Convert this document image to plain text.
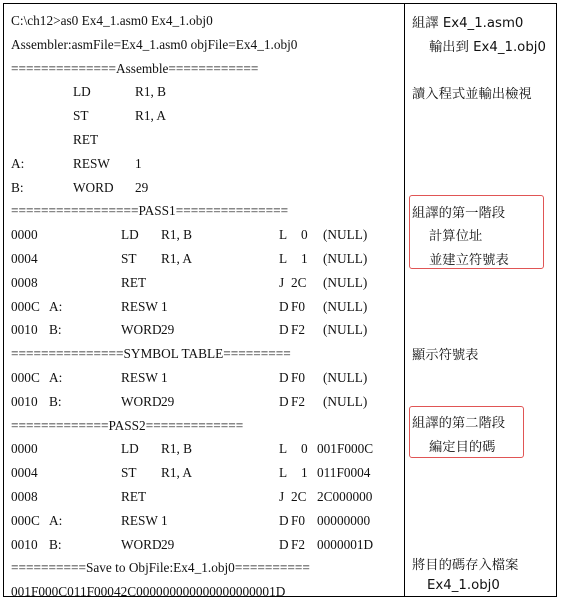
C:\ch12>as0 Ex4_1.asm0 Ex4_1.obj0
Assembler:asmFile=Ex4_1.asm0 objFile=Ex4_1.obj0
==============Assemble============
LD	R1, B
ST	R1, A
RET
A:	RESW 1
B:	WORD 29
=================PASS1===============
0000	LD R1, B	L 0 (NULL)
0004	ST R1, A	L 1 (NULL)
0008	RET	J 2C (NULL)
000C A:	RESW 1	D F0 (NULL)
0010 B:	WORD 29	D F2 (NULL)
===============SYMBOL TABLE=========
000C A:	RESW 1	D F0 (NULL)
0010 B:	WORD 29	D F2 (NULL)
=============PASS2=============
0000	LD R1, B	L 0 001F000C
0004	ST R1, A	L 1 011F0004
0008	RET	J 2C 2C000000
000C A:	RESW 1	D F0 00000000
0010 B:	WORD 29	D F2 0000001D
==========Save to ObjFile:Ex4_1.obj0==========
001F000C011F00042C000000000000000000001D
組譯 Ex4_1.asm0
輸出到 Ex4_1.obj0
讀入程式並輸出檢視
組譯的第一階段
計算位址
並建立符號表
顯示符號表
組譯的第二階段
編定目的碼
將目的碼存入檔案
Ex4_1.obj0
